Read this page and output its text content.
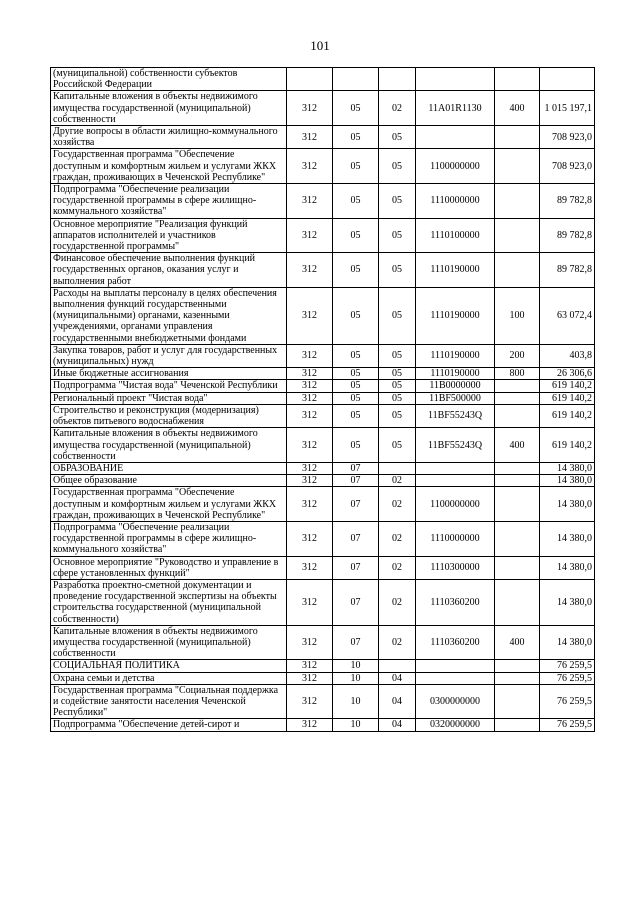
101
(муниципальной) собственности субъектов Российской Федерации						
Капитальные вложения в объекты недвижимого имущества государственной (муниципальной) собственности	312	05	02	11A01R1130	400	1 015 197,1
Другие вопросы в области жилищно-коммунального хозяйства	312	05	05			708 923,0
Государственная программа "Обеспечение доступным и комфортным жильем и услугами ЖКХ граждан, проживающих в Чеченской Республике"	312	05	05	1100000000		708 923,0
Подпрограмма "Обеспечение реализации государственной программы в сфере жилищно-коммунального хозяйства"	312	05	05	1110000000		89 782,8
Основное мероприятие "Реализация функций аппаратов исполнителей и участников государственной программы"	312	05	05	1110100000		89 782,8
Финансовое обеспечение выполнения функций государственных органов, оказания услуг и выполнения работ	312	05	05	1110190000		89 782,8
Расходы на выплаты персоналу в целях обеспечения выполнения функций государственными (муниципальными) органами, казенными учреждениями, органами управления государственными внебюджетными фондами	312	05	05	1110190000	100	63 072,4
Закупка товаров, работ и услуг для государственных (муниципальных) нужд	312	05	05	1110190000	200	403,8
Иные бюджетные ассигнования	312	05	05	1110190000	800	26 306,6
Подпрограмма "Чистая вода" Чеченской Республики	312	05	05	11В0000000		619 140,2
Региональный проект "Чистая вода"	312	05	05	11ВF500000		619 140,2
Строительство и реконструкция (модернизация) объектов питьевого водоснабжения	312	05	05	11ВF55243Q		619 140,2
Капитальные вложения в объекты недвижимого имущества государственной (муниципальной) собственности	312	05	05	11ВF55243Q	400	619 140,2
ОБРАЗОВАНИЕ	312	07				14 380,0
Общее образование	312	07	02			14 380,0
Государственная программа "Обеспечение доступным и комфортным жильем и услугами ЖКХ граждан, проживающих в Чеченской Республике"	312	07	02	1100000000		14 380,0
Подпрограмма "Обеспечение реализации государственной программы в сфере жилищно-коммунального хозяйства"	312	07	02	1110000000		14 380,0
Основное мероприятие "Руководство и управление в сфере установленных функций"	312	07	02	1110300000		14 380,0
Разработка проектно-сметной документации и проведение государственной экспертизы на объекты строительства государственной (муниципальной собственности)	312	07	02	1110360200		14 380,0
Капитальные вложения в объекты недвижимого имущества государственной (муниципальной) собственности	312	07	02	1110360200	400	14 380,0
СОЦИАЛЬНАЯ ПОЛИТИКА	312	10				76 259,5
Охрана семьи и детства	312	10	04			76 259,5
Государственная программа "Социальная поддержка и содействие занятости населения Чеченской Республики"	312	10	04	0300000000		76 259,5
Подпрограмма "Обеспечение детей-сирот и	312	10	04	0320000000		76 259,5
